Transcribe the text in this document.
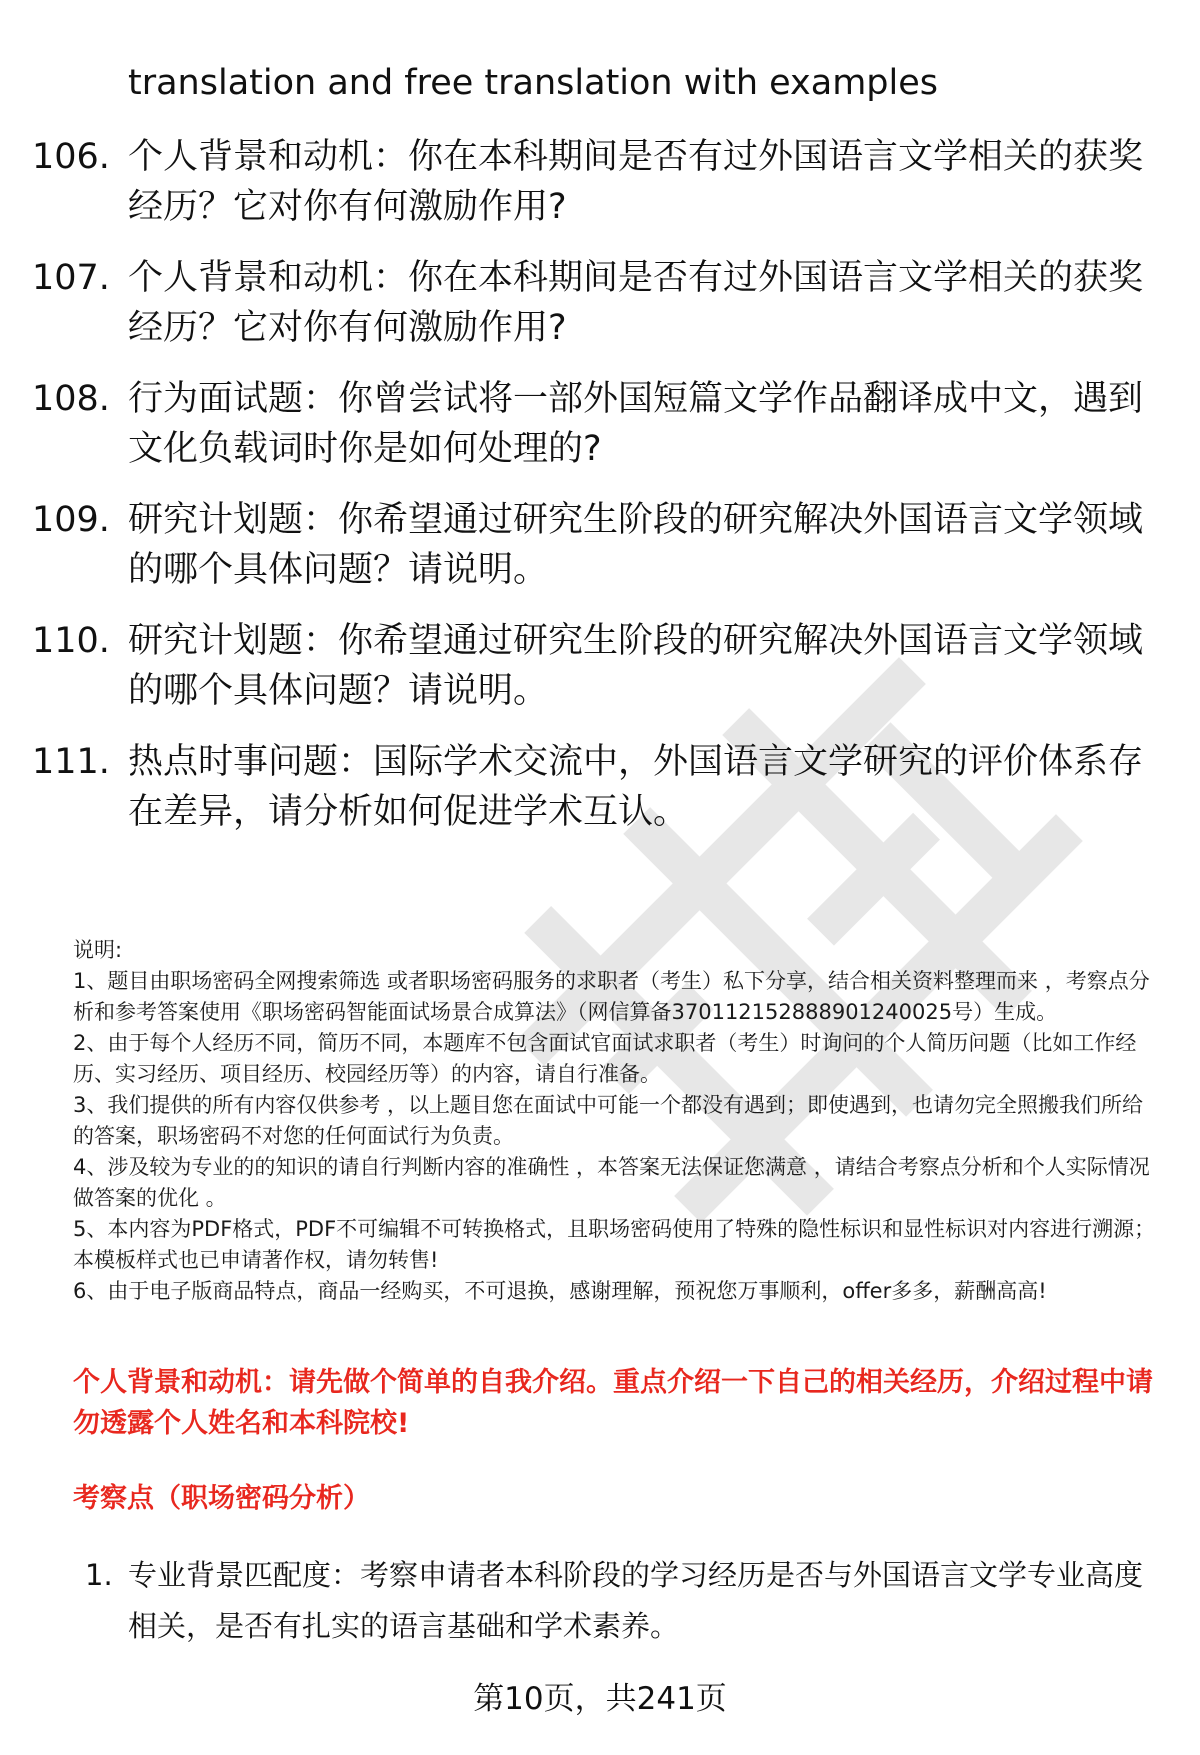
translation and free translation with examples
106. 个人背景和动机：你在本科期间是否有过外国语言文学相关的获奖经历？它对你有何激励作用?
107. 个人背景和动机：你在本科期间是否有过外国语言文学相关的获奖经历？它对你有何激励作用?
108. 行为面试题：你曾尝试将一部外国短篇文学作品翻译成中文，遇到文化负载词时你是如何处理的?
109. 研究计划题：你希望通过研究生阶段的研究解决外国语言文学领域的哪个具体问题？请说明。
110. 研究计划题：你希望通过研究生阶段的研究解决外国语言文学领域的哪个具体问题？请说明。
111. 热点时事问题：国际学术交流中，外国语言文学研究的评价体系存在差异，请分析如何促进学术互认。

说明:

1、题目由职场密码全网搜索筛选 或者职场密码服务的求职者（考生）私下分享，结合相关资料整理而来 ，考察点分析和参考答案使用《职场密码智能面试场景合成算法》（网信算备370112152888901240025号）生成。

2、由于每个人经历不同，简历不同，本题库不包含面试官面试求职者（考生）时询问的个人简历问题（比如工作经历、实习经历、项目经历、校园经历等）的内容，请自行准备。

3、我们提供的所有内容仅供参考 ，以上题目您在面试中可能一个都没有遇到；即使遇到，也请勿完全照搬我们所给的答案，职场密码不对您的任何面试行为负责。

4、涉及较为专业的的知识的请自行判断内容的准确性 ，本答案无法保证您满意 ，请结合考察点分析和个人实际情况做答案的优化 。

5、本内容为PDF格式，PDF不可编辑不可转换格式，且职场密码使用了特殊的隐性标识和显性标识对内容进行溯源；本模板样式也已申请著作权，请勿转售!

6、由于电子版商品特点，商品一经购买，不可退换，感谢理解，预祝您万事顺利，offer多多，薪酬高高!

个人背景和动机：请先做个简单的自我介绍。重点介绍一下自己的相关经历，介绍过程中请勿透露个人姓名和本科院校!
考察点（职场密码分析）
1. 专业背景匹配度：考察申请者本科阶段的学习经历是否与外国语言文学专业高度相关，是否有扎实的语言基础和学术素养。
第10页，共241页
